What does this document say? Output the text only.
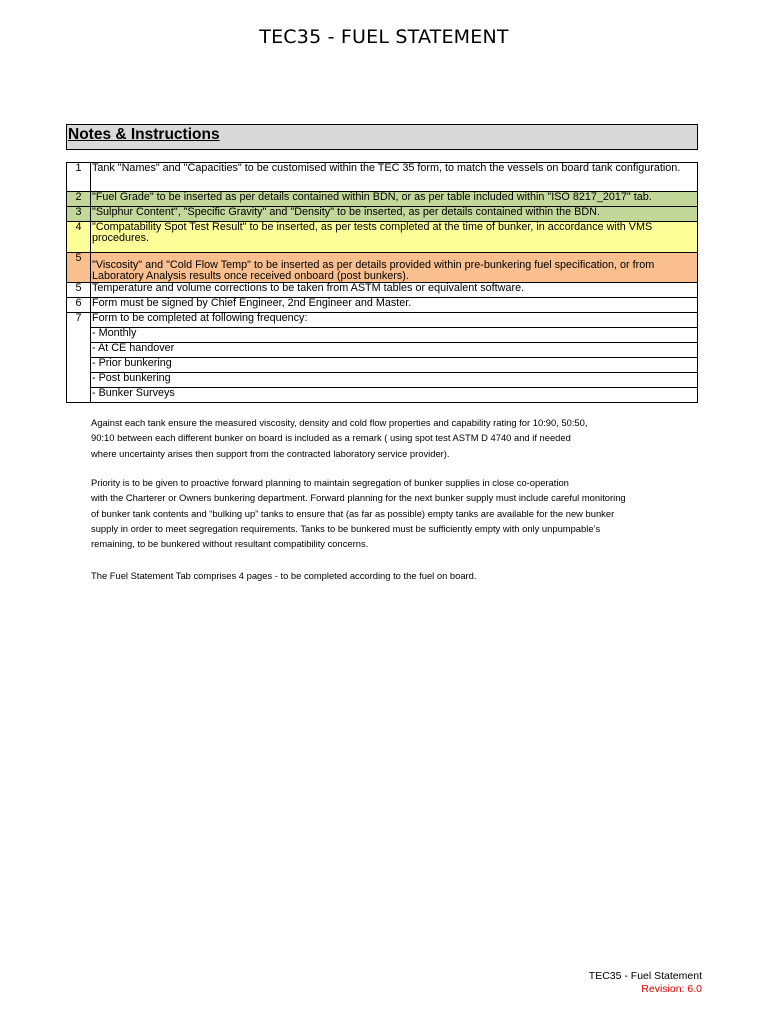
TEC35 - FUEL STATEMENT
Notes & Instructions
1	Tank "Names" and "Capacities" to be customised within the TEC 35 form, to match the vessels on board tank configuration.
2	"Fuel Grade" to be inserted as per details contained within BDN, or as per table included within "ISO 8217_2017" tab.
3	"Sulphur Content", "Specific Gravity" and "Density" to be inserted, as per details contained within the BDN.
4	"Compatability Spot Test Result" to be inserted, as per tests completed at the time of bunker, in accordance with VMS procedures.
5	"Viscosity" and "Cold Flow Temp" to be inserted as per details provided within pre-bunkering fuel specification, or from Laboratory Analysis results once received onboard (post bunkers).
5	Temperature and volume corrections to be taken from ASTM tables or equivalent software.
6	Form must be signed by Chief Engineer, 2nd Engineer and Master.
7	Form to be completed at following frequency:
	- Monthly
	- At CE handover
	- Prior bunkering
	- Post bunkering
	- Bunker Surveys

Against each tank ensure the measured viscosity, density and cold flow properties and capability rating for 10:90, 50:50,

90:10 between each different bunker on board is included as a remark ( using spot test ASTM D 4740 and if needed

where uncertainty arises then support from the contracted laboratory service provider).

Priority is to be given to proactive forward planning to maintain segregation of bunker supplies in close co-operation

with the Charterer or Owners bunkering department. Forward planning for the next bunker supply must include careful monitoring

of bunker tank contents and “bulking up” tanks to ensure that (as far as possible) empty tanks are available for the new bunker

supply in order to meet segregation requirements. Tanks to be bunkered must be sufficiently empty with only unpumpable’s

remaining, to be bunkered without resultant compatibility concerns.

The Fuel Statement Tab comprises 4 pages - to be completed according to the fuel on board.

TEC35 - Fuel Statement
Revision: 6.0
